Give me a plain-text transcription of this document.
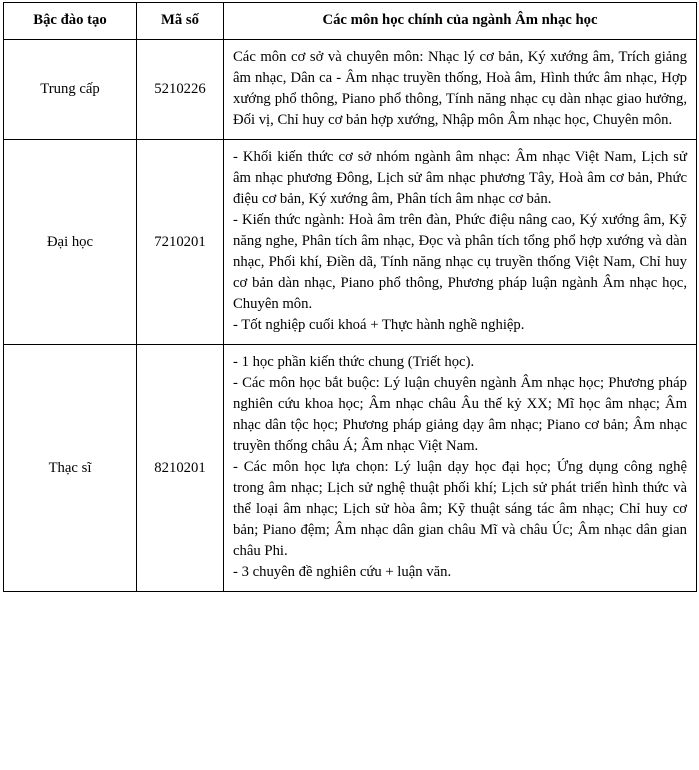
Bậc đào tạo	Mã số	Các môn học chính của ngành Âm nhạc học
Trung cấp	5210226	Các môn cơ sở và chuyên môn: Nhạc lý cơ bản, Ký xướng âm, Trích giảng âm nhạc, Dân ca - Âm nhạc truyền thống, Hoà âm, Hình thức âm nhạc, Hợp xướng phổ thông, Piano phổ thông, Tính năng nhạc cụ dàn nhạc giao hưởng, Đối vị, Chỉ huy cơ bản hợp xướng, Nhập môn Âm nhạc học, Chuyên môn.

Đại học	7210201	- Khối kiến thức cơ sở nhóm ngành âm nhạc: Âm nhạc Việt Nam, Lịch sử âm nhạc phương Đông, Lịch sử âm nhạc phương Tây, Hoà âm cơ bản, Phức điệu cơ bản, Ký xướng âm, Phân tích âm nhạc cơ bản.

- Kiến thức ngành: Hoà âm trên đàn, Phức điệu nâng cao, Ký xướng âm, Kỹ năng nghe, Phân tích âm nhạc, Đọc và phân tích tổng phổ hợp xướng và dàn nhạc, Phối khí, Điền dã, Tính năng nhạc cụ truyền thống Việt Nam, Chỉ huy cơ bản dàn nhạc, Piano phổ thông, Phương pháp luận ngành Âm nhạc học, Chuyên môn.

- Tốt nghiệp cuối khoá + Thực hành nghề nghiệp.

Thạc sĩ	8210201	- 1 học phần kiến thức chung (Triết học).

- Các môn học bắt buộc: Lý luận chuyên ngành Âm nhạc học; Phương pháp nghiên cứu khoa học; Âm nhạc châu Âu thế kỷ XX; Mĩ học âm nhạc; Âm nhạc dân tộc học; Phương pháp giảng dạy âm nhạc; Piano cơ bản; Âm nhạc truyền thống châu Á; Âm nhạc Việt Nam.

- Các môn học lựa chọn: Lý luận dạy học đại học; Ứng dụng công nghệ trong âm nhạc; Lịch sử nghệ thuật phối khí; Lịch sử phát triển hình thức và thể loại âm nhạc; Lịch sử hòa âm; Kỹ thuật sáng tác âm nhạc; Chỉ huy cơ bản; Piano đệm; Âm nhạc dân gian châu Mĩ và châu Úc; Âm nhạc dân gian châu Phi.

- 3 chuyên đề nghiên cứu + luận văn.
